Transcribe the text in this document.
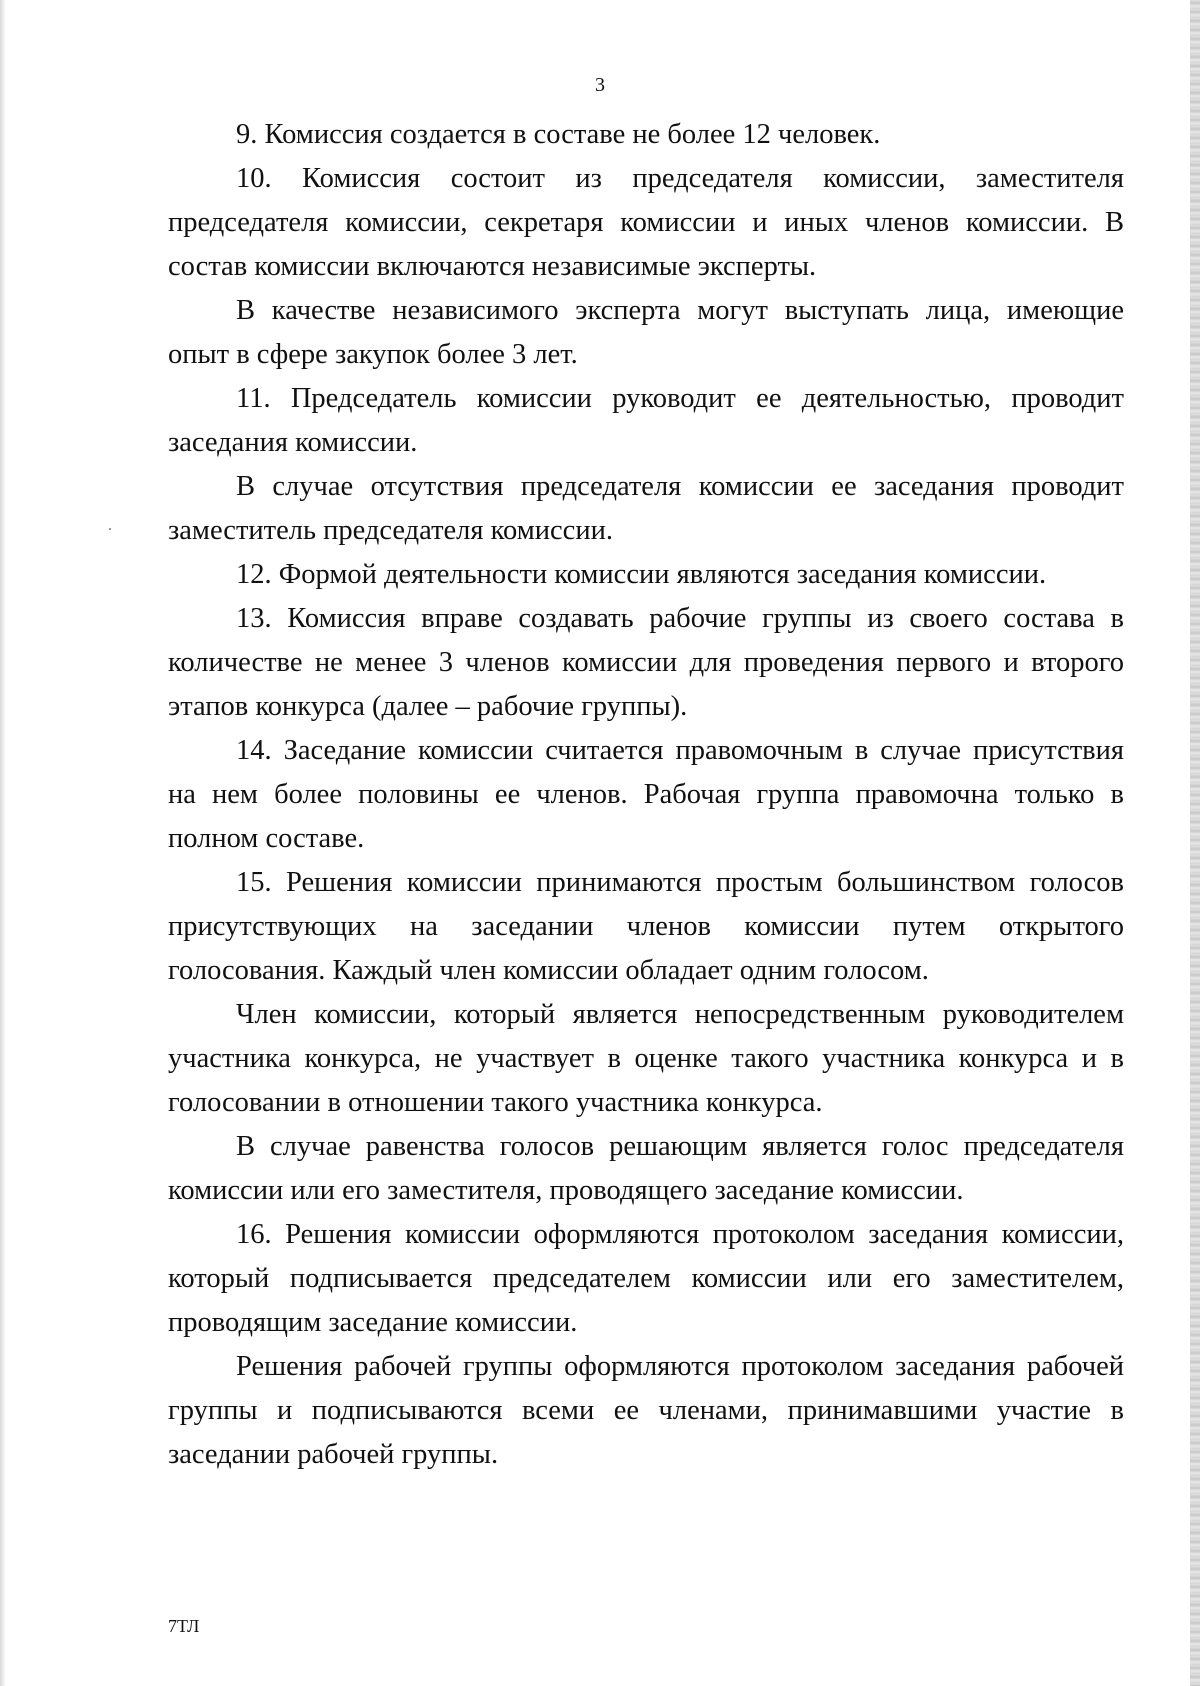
3

9. Комиссия создается в составе не более 12 человек.

10. Комиссия состоит из председателя комиссии, заместителя председателя комиссии, секретаря комиссии и иных членов комиссии. В состав комиссии включаются независимые эксперты.

В качестве независимого эксперта могут выступать лица, имеющие опыт в сфере закупок более 3 лет.

11. Председатель комиссии руководит ее деятельностью, проводит заседания комиссии.

В случае отсутствия председателя комиссии ее заседания проводит заместитель председателя комиссии.

12. Формой деятельности комиссии являются заседания комиссии.

13. Комиссия вправе создавать рабочие группы из своего состава в количестве не менее 3 членов комиссии для проведения первого и второго этапов конкурса (далее – рабочие группы).

14. Заседание комиссии считается правомочным в случае присутствия на нем более половины ее членов. Рабочая группа правомочна только в полном составе.

15. Решения комиссии принимаются простым большинством голосов присутствующих на заседании членов комиссии путем открытого голосования. Каждый член комиссии обладает одним голосом.

Член комиссии, который является непосредственным руководителем участника конкурса, не участвует в оценке такого участника конкурса и в голосовании в отношении такого участника конкурса.

В случае равенства голосов решающим является голос председателя комиссии или его заместителя, проводящего заседание комиссии.

16. Решения комиссии оформляются протоколом заседания комиссии, который подписывается председателем комиссии или его заместителем, проводящим заседание комиссии.

Решения рабочей группы оформляются протоколом заседания рабочей группы и подписываются всеми ее членами, принимавшими участие в заседании рабочей группы.

7ТЛ
